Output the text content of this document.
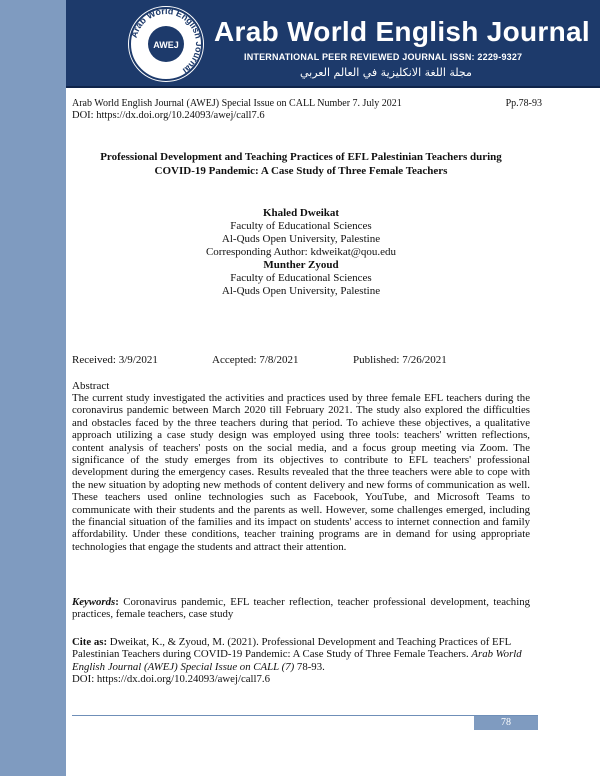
Arab World English Journal
AWEJ Arab World English Journal
INTERNATIONAL PEER REVIEWED JOURNAL ISSN: 2229-9327
مجلة اللغة الانكليزية في العالم العربي
Arab World English Journal (AWEJ) Special Issue on CALL Number 7. July 2021	Pp.78-93
DOI: https://dx.doi.org/10.24093/awej/call7.6
Professional Development and Teaching Practices of EFL Palestinian Teachers during
COVID-19 Pandemic: A Case Study of Three Female Teachers
Khaled Dweikat
Faculty of Educational Sciences
Al-Quds Open University, Palestine
Corresponding Author: kdweikat@qou.edu
Munther Zyoud
Faculty of Educational Sciences
Al-Quds Open University, Palestine
Received: 3/9/2021	Accepted: 7/8/2021	Published: 7/26/2021
Abstract
The current study investigated the activities and practices used by three female EFL teachers during the coronavirus pandemic between March 2020 till February 2021. The study also explored the difficulties and obstacles faced by the three teachers during that period. To achieve these objectives, a qualitative approach utilizing a case study design was employed using three tools: teachers' written reflections, content analysis of teachers' posts on the social media, and a focus group meeting via Zoom. The significance of the study emerges from its objectives to contribute to EFL teachers' professional development during the emergency cases. Results revealed that the three teachers were able to cope with the new situation by adopting new methods of content delivery and new forms of communication as well. These teachers used online technologies such as Facebook, YouTube, and Microsoft Teams to communicate with their students and the parents as well. However, some challenges emerged, including the financial situation of the families and its impact on students' access to internet connection and family affordability. Under these conditions, teacher training programs are in demand for using appropriate technologies that engage the students and attract their attention.
Keywords: Coronavirus pandemic, EFL teacher reflection, teacher professional development, teaching practices, female teachers, case study
Cite as: Dweikat, K., & Zyoud, M. (2021). Professional Development and Teaching Practices of EFL Palestinian Teachers during COVID-19 Pandemic: A Case Study of Three Female Teachers. Arab World English Journal (AWEJ) Special Issue on CALL (7) 78-93.
DOI: https://dx.doi.org/10.24093/awej/call7.6
78
